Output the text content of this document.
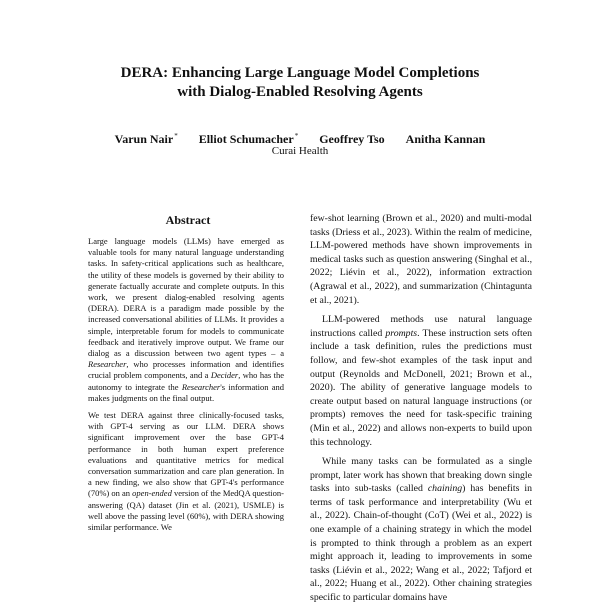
DERA: Enhancing Large Language Model Completions
with Dialog-Enabled Resolving Agents
Varun Nair* Elliot Schumacher* Geoffrey Tso Anitha Kannan
Curai Health
Abstract

Large language models (LLMs) have emerged as valuable tools for many natural language understanding tasks. In safety-critical applications such as healthcare, the utility of these models is governed by their ability to generate factually accurate and complete outputs. In this work, we present dialog-enabled resolving agents (DERA). DERA is a paradigm made possible by the increased conversational abilities of LLMs. It provides a simple, interpretable forum for models to communicate feedback and iteratively improve output. We frame our dialog as a discussion between two agent types – a Researcher, who processes information and identifies crucial problem components, and a Decider, who has the autonomy to integrate the Researcher's information and makes judgments on the final output.

We test DERA against three clinically-focused tasks, with GPT-4 serving as our LLM. DERA shows significant improvement over the base GPT-4 performance in both human expert preference evaluations and quantitative metrics for medical conversation summarization and care plan generation. In a new finding, we also show that GPT-4's performance (70%) on an open-ended version of the MedQA question-answering (QA) dataset (Jin et al. (2021), USMLE) is well above the passing level (60%), with DERA showing similar performance. We

few-shot learning (Brown et al., 2020) and multi-modal tasks (Driess et al., 2023). Within the realm of medicine, LLM-powered methods have shown improvements in medical tasks such as question answering (Singhal et al., 2022; Liévin et al., 2022), information extraction (Agrawal et al., 2022), and summarization (Chintagunta et al., 2021).

LLM-powered methods use natural language instructions called prompts. These instruction sets often include a task definition, rules the predictions must follow, and few-shot examples of the task input and output (Reynolds and McDonell, 2021; Brown et al., 2020). The ability of generative language models to create output based on natural language instructions (or prompts) removes the need for task-specific training (Min et al., 2022) and allows non-experts to build upon this technology.

While many tasks can be formulated as a single prompt, later work has shown that breaking down single tasks into sub-tasks (called chaining) has benefits in terms of task performance and interpretability (Wu et al., 2022). Chain-of-thought (CoT) (Wei et al., 2022) is one example of a chaining strategy in which the model is prompted to think through a problem as an expert might approach it, leading to improvements in some tasks (Liévin et al., 2022; Wang et al., 2022; Tafjord et al., 2022; Huang et al., 2022). Other chaining strategies specific to particular domains have
